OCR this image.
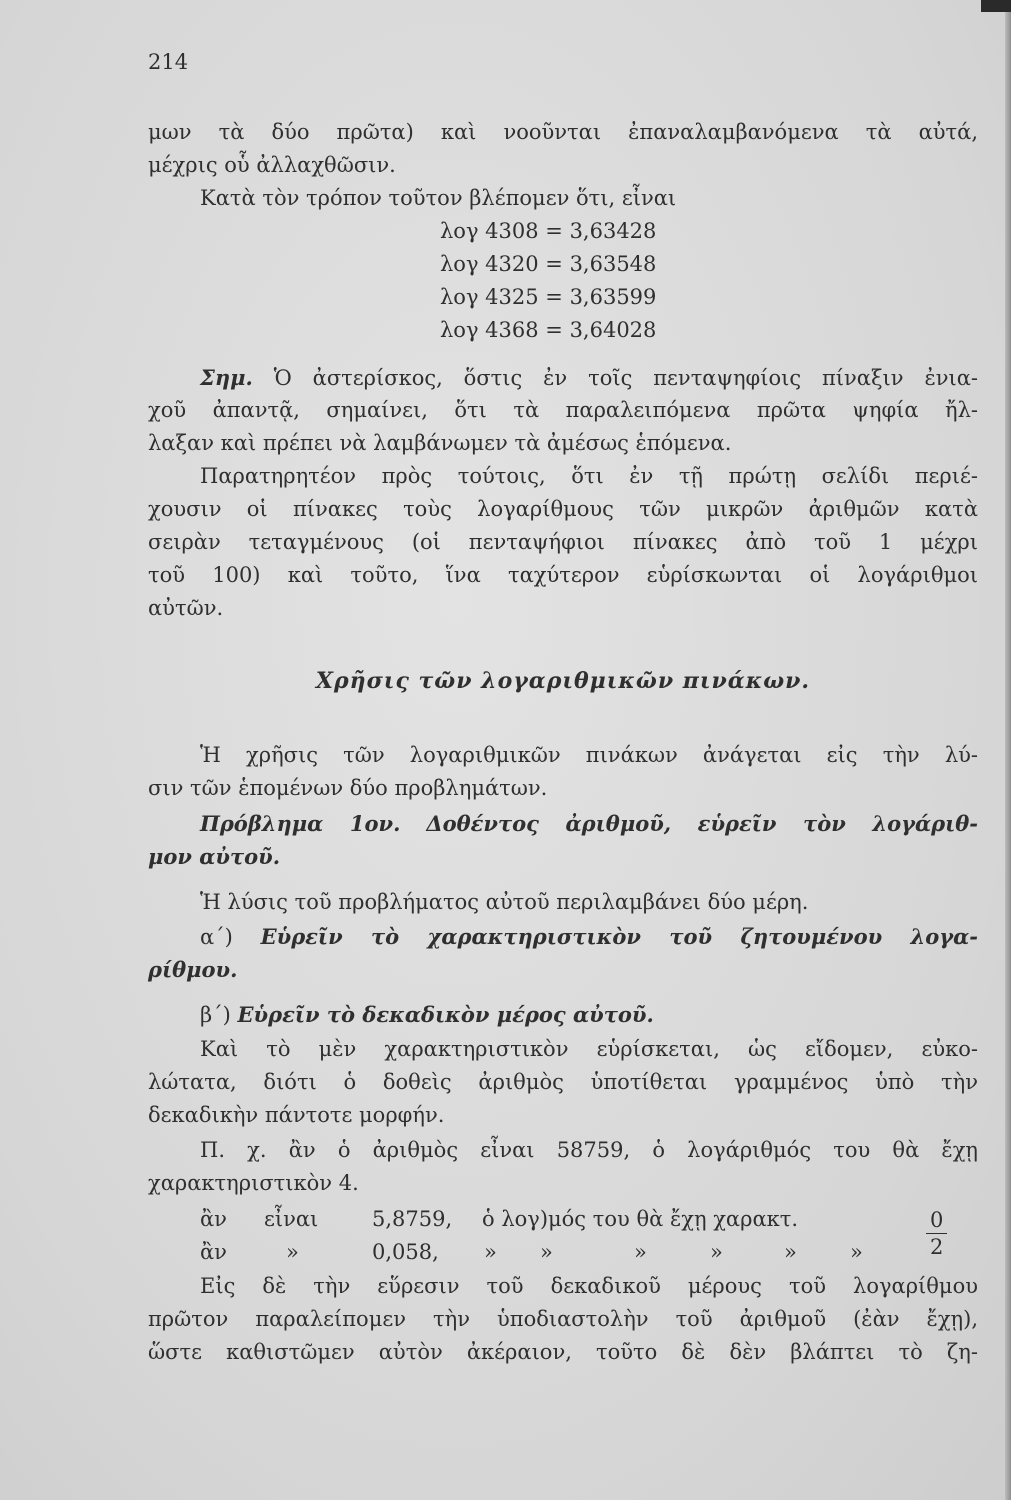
214
μων τὰ δύο πρῶτα) καὶ νοοῦνται ἐπαναλαμβανόμενα τὰ αὐτά,
μέχρις οὗ ἀλλαχθῶσιν.
Κατὰ τὸν τρόπον τοῦτον βλέπομεν ὅτι, εἶναι
λογ 4308 = 3,63428
λογ 4320 = 3,63548
λογ 4325 = 3,63599
λογ 4368 = 3,64028
Σημ. Ὁ ἀστερίσκος, ὅστις ἐν τοῖς πενταψηφίοις πίναξιν ἐνια-
χοῦ ἀπαντᾷ, σημαίνει, ὅτι τὰ παραλειπόμενα πρῶτα ψηφία ἤλ-
λαξαν καὶ πρέπει νὰ λαμβάνωμεν τὰ ἀμέσως ἑπόμενα.
Παρατηρητέον πρὸς τούτοις, ὅτι ἐν τῇ πρώτῃ σελίδι περιέ-
χουσιν οἱ πίνακες τοὺς λογαρίθμους τῶν μικρῶν ἀριθμῶν κατὰ
σειρὰν τεταγμένους (οἱ πενταψήφιοι πίνακες ἀπὸ τοῦ 1 μέχρι
τοῦ 100) καὶ τοῦτο, ἵνα ταχύτερον εὑρίσκωνται οἱ λογάριθμοι
αὐτῶν.
Χρῆσις τῶν λογαριθμικῶν πινάκων.
Ἡ χρῆσις τῶν λογαριθμικῶν πινάκων ἀνάγεται εἰς τὴν λύ-
σιν τῶν ἑπομένων δύο προβλημάτων.
Πρόβλημα 1ον. Δοθέντος ἀριθμοῦ, εὑρεῖν τὸν λογάριθ-
μον αὐτοῦ.
Ἡ λύσις τοῦ προβλήματος αὐτοῦ περιλαμβάνει δύο μέρη.
α΄) Εὑρεῖν τὸ χαρακτηριστικὸν τοῦ ζητουμένου λογα-
ρίθμου.
β΄) Εὑρεῖν τὸ δεκαδικὸν μέρος αὐτοῦ.
Καὶ τὸ μὲν χαρακτηριστικὸν εὑρίσκεται, ὡς εἴδομεν, εὐκο-
λώτατα, διότι ὁ δοθεὶς ἀριθμὸς ὑποτίθεται γραμμένος ὑπὸ τὴν
δεκαδικὴν πάντοτε μορφήν.
Π. χ. ἂν ὁ ἀριθμὸς εἶναι 58759, ὁ λογάριθμός του θὰ ἔχῃ
χαρακτηριστικὸν 4.
ἂν εἶναι	5,8759, ὁ λογ)μός του θὰ ἔχῃ χαρακτ.
ἂν	»	0,058, » »	»	»	»	»	$\frac{0}{2}$
Εἰς δὲ τὴν εὕρεσιν τοῦ δεκαδικοῦ μέρους τοῦ λογαρίθμου
πρῶτον παραλείπομεν τὴν ὑποδιαστολὴν τοῦ ἀριθμοῦ (ἐὰν ἔχῃ),
ὥστε καθιστῶμεν αὐτὸν ἀκέραιον, τοῦτο δὲ δὲν βλάπτει τὸ ζη-
